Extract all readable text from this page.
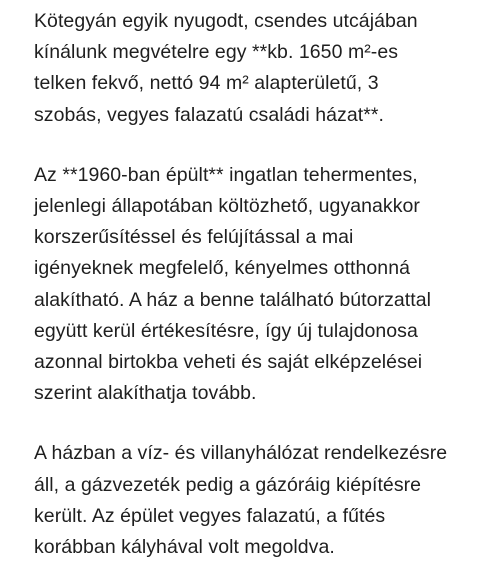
Kötegyán egyik nyugodt, csendes utcájában
kínálunk megvételre egy **kb. 1650 m²-es
telken fekvő, nettó 94 m² alapterületű, 3
szobás, vegyes falazatú családi házat**.

Az **1960-ban épült** ingatlan tehermentes,
jelenlegi állapotában költözhető, ugyanakkor
korszerűsítéssel és felújítással a mai
igényeknek megfelelő, kényelmes otthonná
alakítható. A ház a benne található bútorzattal
együtt kerül értékesítésre, így új tulajdonosa
azonnal birtokba veheti és saját elképzelései
szerint alakíthatja tovább.

A házban a víz- és villanyhálózat rendelkezésre
áll, a gázvezeték pedig a gázóráig kiépítésre
került. Az épület vegyes falazatú, a fűtés
korábban kályhával volt megoldva.
